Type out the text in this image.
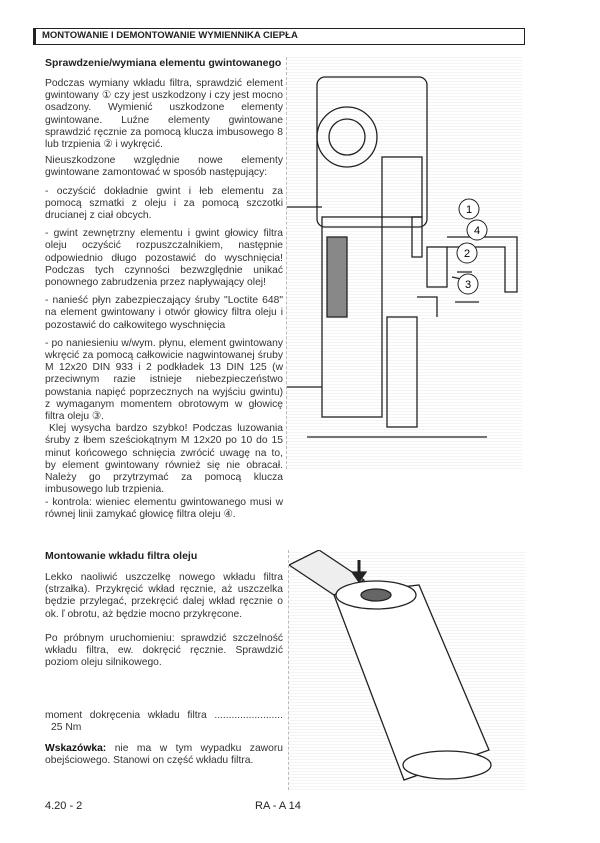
MONTOWANIE I DEMONTOWANIE WYMIENNIKA CIEPŁA
Sprawdzenie/wymiana elementu gwintowanego

Podczas wymiany wkładu filtra, sprawdzić element gwintowany ① czy jest uszkodzony i czy jest mocno osadzony. Wymienić uszkodzone elementy gwintowane. Luźne elementy gwintowane sprawdzić ręcznie za pomocą klucza imbusowego 8 lub trzpienia ② i wykręcić.

Nieuszkodzone względnie nowe elementy gwintowane zamontować w sposób następujący:

- oczyścić dokładnie gwint i łeb elementu za pomocą szmatki z oleju i za pomocą szczotki drucianej z ciał obcych.

- gwint zewnętrzny elementu i gwint głowicy filtra oleju oczyścić rozpuszczalnikiem, następnie odpowiednio długo pozostawić do wyschnięcia! Podczas tych czynności bezwzględnie unikać ponownego zabrudzenia przez napływający olej!

- nanieść płyn zabezpieczający śruby "Loctite 648" na element gwintowany i otwór głowicy filtra oleju i pozostawić do całkowitego wyschnięcia

- po naniesieniu w/wym. płynu, element gwintowany wkręcić za pomocą całkowicie nagwintowanej śruby M 12x20 DIN 933 i 2 podkładek 13 DIN 125 (w przeciwnym razie istnieje niebezpieczeństwo powstania napięć poprzecznych na wyjściu gwintu) z wymaganym momentem obrotowym w głowicę filtra oleju ③.

Klej wysycha bardzo szybko! Podczas luzowania śruby z łbem sześciokątnym M 12x20 po 10 do 15 minut końcowego schnięcia zwrócić uwagę na to, by element gwintowany również się nie obracał. Należy go przytrzymać za pomocą klucza imbusowego lub trzpienia.

- kontrola: wieniec elementu gwintowanego musi w równej linii zamykać głowicę filtra oleju ④.

1
4
2
3
Montowanie wkładu filtra oleju

Lekko naoliwić uszczelkę nowego wkładu filtra (strzałka). Przykręcić wkład ręcznie, aż uszczelka będzie przylegać, przekręcić dalej wkład ręcznie o ok. ľ obrotu, aż będzie mocno przykręcone.

Po próbnym uruchomieniu: sprawdzić szczelność wkładu filtra, ew. dokręcić ręcznie. Sprawdzić poziom oleju silnikowego.

moment dokręcenia wkładu filtra ........................ 25 Nm
Wskazówka: nie ma w tym wypadku zaworu obejściowego. Stanowi on część wkładu filtra.
4.20 - 2	RA - A 14
